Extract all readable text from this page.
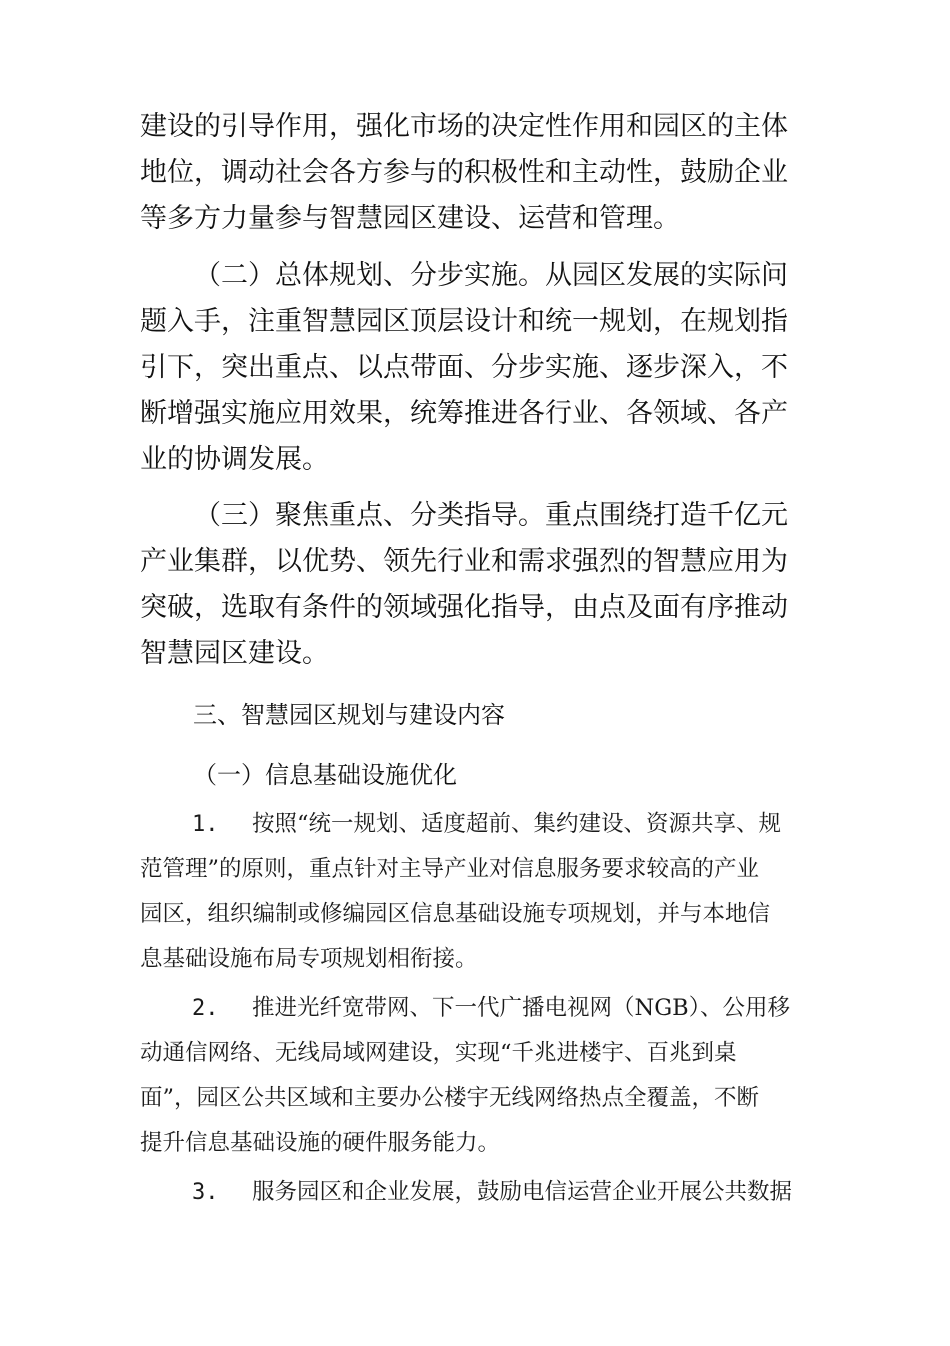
建设的引导作用，强化市场的决定性作用和园区的主体
地位，调动社会各方参与的积极性和主动性，鼓励企业
等多方力量参与智慧园区建设、运营和管理。
（二）总体规划、分步实施。从园区发展的实际问
题入手，注重智慧园区顶层设计和统一规划，在规划指
引下，突出重点、以点带面、分步实施、逐步深入，不
断增强实施应用效果，统筹推进各行业、各领域、各产
业的协调发展。
（三）聚焦重点、分类指导。重点围绕打造千亿元
产业集群，以优势、领先行业和需求强烈的智慧应用为
突破，选取有条件的领域强化指导，由点及面有序推动
智慧园区建设。
三、智慧园区规划与建设内容
（一）信息基础设施优化
1. 按照“统一规划、适度超前、集约建设、资源共享、规
范管理”的原则，重点针对主导产业对信息服务要求较高的产业
园区，组织编制或修编园区信息基础设施专项规划，并与本地信
息基础设施布局专项规划相衔接。
2. 推进光纤宽带网、下一代广播电视网（NGB）、公用移
动通信网络、无线局域网建设，实现“千兆进楼宇、百兆到桌
面”，园区公共区域和主要办公楼宇无线网络热点全覆盖，不断
提升信息基础设施的硬件服务能力。
3. 服务园区和企业发展，鼓励电信运营企业开展公共数据
